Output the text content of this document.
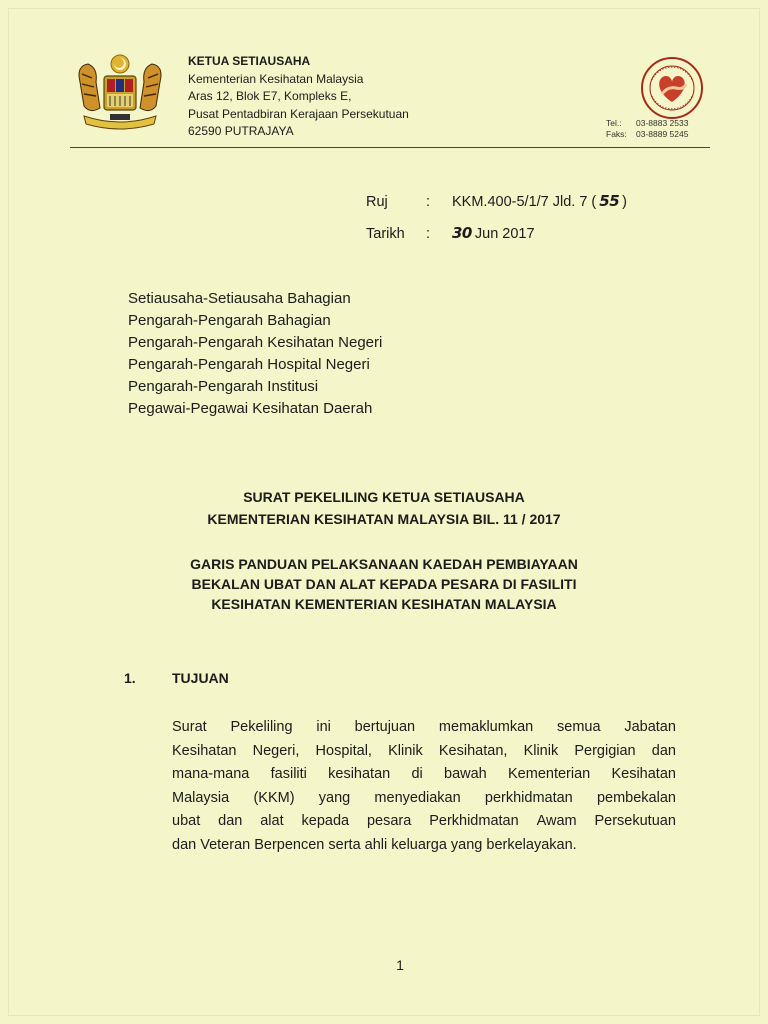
KETUA SETIAUSAHA
Kementerian Kesihatan Malaysia
Aras 12, Blok E7, Kompleks E,
Pusat Pentadbiran Kerajaan Persekutuan
62590 PUTRAJAYA
Tel.:	03-8883 2533
Faks:	03-8889 5245
Ruj	:	KKM.400-5/1/7 Jld. 7 ( 55 )
Tarikh	:	30 Jun 2017
Setiausaha-Setiausaha Bahagian
Pengarah-Pengarah Bahagian
Pengarah-Pengarah Kesihatan Negeri
Pengarah-Pengarah Hospital Negeri
Pengarah-Pengarah Institusi
Pegawai-Pegawai Kesihatan Daerah
SURAT PEKELILING KETUA SETIAUSAHA
KEMENTERIAN KESIHATAN MALAYSIA BIL. 11 / 2017
GARIS PANDUAN PELAKSANAAN KAEDAH PEMBIAYAAN
BEKALAN UBAT DAN ALAT KEPADA PESARA DI FASILITI
KESIHATAN KEMENTERIAN KESIHATAN MALAYSIA
1.	TUJUAN
Surat Pekeliling ini bertujuan memaklumkan semua Jabatan
Kesihatan Negeri, Hospital, Klinik Kesihatan, Klinik Pergigian dan
mana-mana fasiliti kesihatan di bawah Kementerian Kesihatan
Malaysia (KKM) yang menyediakan perkhidmatan pembekalan
ubat dan alat kepada pesara Perkhidmatan Awam Persekutuan
dan Veteran Berpencen serta ahli keluarga yang berkelayakan.
1
